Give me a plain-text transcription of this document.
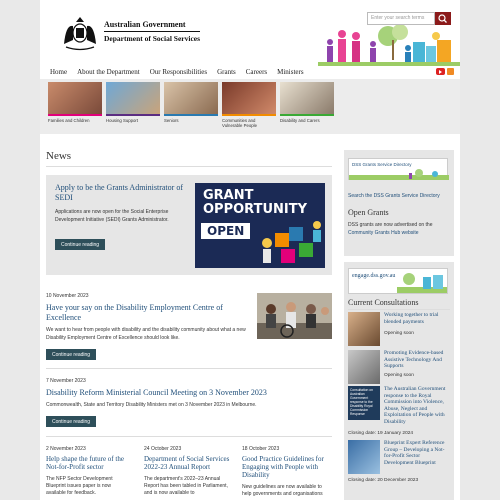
Australian Government
Department of Social Services
Enter your search terms
Home About the Department Our Responsibilities Grants Careers Ministers
Families and Children	Housing Support	Seniors	Communities and Vulnerable People
Disability and Carers
News
Apply to be the Grants Administrator of SEDI

Applications are now open for the Social Enterprise Development Initiative (SEDI) Grants Administrator.

Continue reading
GRANT
OPPORTUNITY
OPEN
10 November 2023
Have your say on the Disability Employment Centre of Excellence
We want to hear from people with disability and the disability community about what a new Disability Employment Centre of Excellence should look like.
Continue reading
7 November 2023
Disability Reform Ministerial Council Meeting on 3 November 2023
Commonwealth, State and Territory Disability Ministers met on 3 November 2023 in Melbourne.
Continue reading
2 November 2023
Help shape the future of the Not-for-Profit sector
The NFP Sector Development Blueprint issues paper is now available for feedback.
24 October 2023
Department of Social Services 2022-23 Annual Report
The department's 2022–23 Annual Report has been tabled in Parliament, and is now available to
18 October 2023
Good Practice Guidelines for Engaging with People with Disability
New guidelines are now available to help governments and organisations
DSS Grants Service Directory
Search the DSS Grants Service Directory
Open Grants
DSS grants are now advertised on the Community Grants Hub website
engage.dss.gov.au
Current Consultations
Working together to trial blended payments
Opening soon
Promoting Evidence-based Assistive Technology And Supports
Opening soon
Consultation on Australian Government response to the Disability Royal Commission Response
The Australian Government response to the Royal Commission into Violence, Abuse, Neglect and Exploitation of People with Disability
Closing date: 19 January 2024
Blueprint Expert Reference Group – Developing a Not-for-Profit Sector Development Blueprint
Closing date: 20 December 2023
